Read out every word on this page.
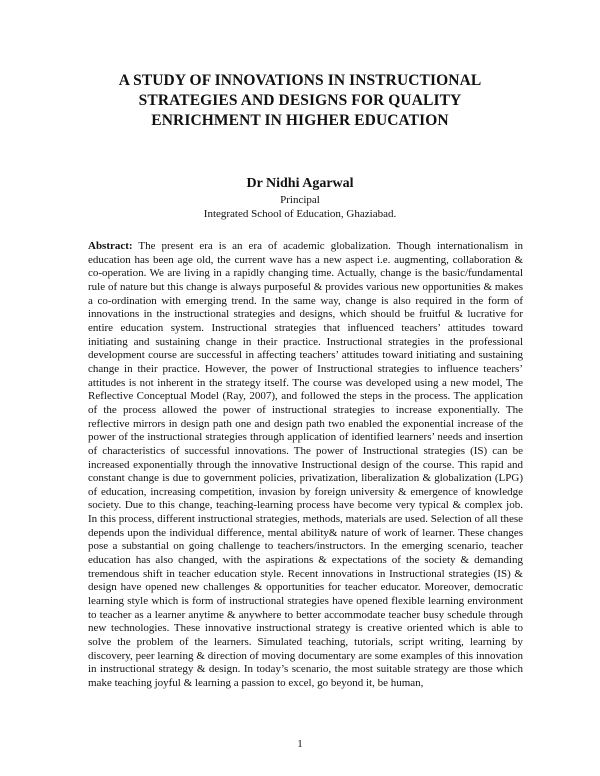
A STUDY OF INNOVATIONS IN INSTRUCTIONAL
STRATEGIES AND DESIGNS FOR QUALITY
ENRICHMENT IN HIGHER EDUCATION
Dr Nidhi Agarwal
Principal
Integrated School of Education, Ghaziabad.
Abstract: The present era is an era of academic globalization. Though internationalism in education has been age old, the current wave has a new aspect i.e. augmenting, collaboration & co-operation. We are living in a rapidly changing time. Actually, change is the basic/fundamental rule of nature but this change is always purposeful & provides various new opportunities & makes a co-ordination with emerging trend. In the same way, change is also required in the form of innovations in the instructional strategies and designs, which should be fruitful & lucrative for entire education system. Instructional strategies that influenced teachers’ attitudes toward initiating and sustaining change in their practice. Instructional strategies in the professional development course are successful in affecting teachers’ attitudes toward initiating and sustaining change in their practice. However, the power of Instructional strategies to influence teachers’ attitudes is not inherent in the strategy itself. The course was developed using a new model, The Reflective Conceptual Model (Ray, 2007), and followed the steps in the process. The application of the process allowed the power of instructional strategies to increase exponentially. The reflective mirrors in design path one and design path two enabled the exponential increase of the power of the instructional strategies through application of identified learners’ needs and insertion of characteristics of successful innovations. The power of Instructional strategies (IS) can be increased exponentially through the innovative Instructional design of the course. This rapid and constant change is due to government policies, privatization, liberalization & globalization (LPG) of education, increasing competition, invasion by foreign university & emergence of knowledge society. Due to this change, teaching-learning process have become very typical & complex job. In this process, different instructional strategies, methods, materials are used. Selection of all these depends upon the individual difference, mental ability& nature of work of learner. These changes pose a substantial on going challenge to teachers/instructors. In the emerging scenario, teacher education has also changed, with the aspirations & expectations of the society & demanding tremendous shift in teacher education style. Recent innovations in Instructional strategies (IS) & design have opened new challenges & opportunities for teacher educator. Moreover, democratic learning style which is form of instructional strategies have opened flexible learning environment to teacher as a learner anytime & anywhere to better accommodate teacher busy schedule through new technologies. These innovative instructional strategy is creative oriented which is able to solve the problem of the learners. Simulated teaching, tutorials, script writing, learning by discovery, peer learning & direction of moving documentary are some examples of this innovation in instructional strategy & design. In today’s scenario, the most suitable strategy are those which make teaching joyful & learning a passion to excel, go beyond it, be human,
1
